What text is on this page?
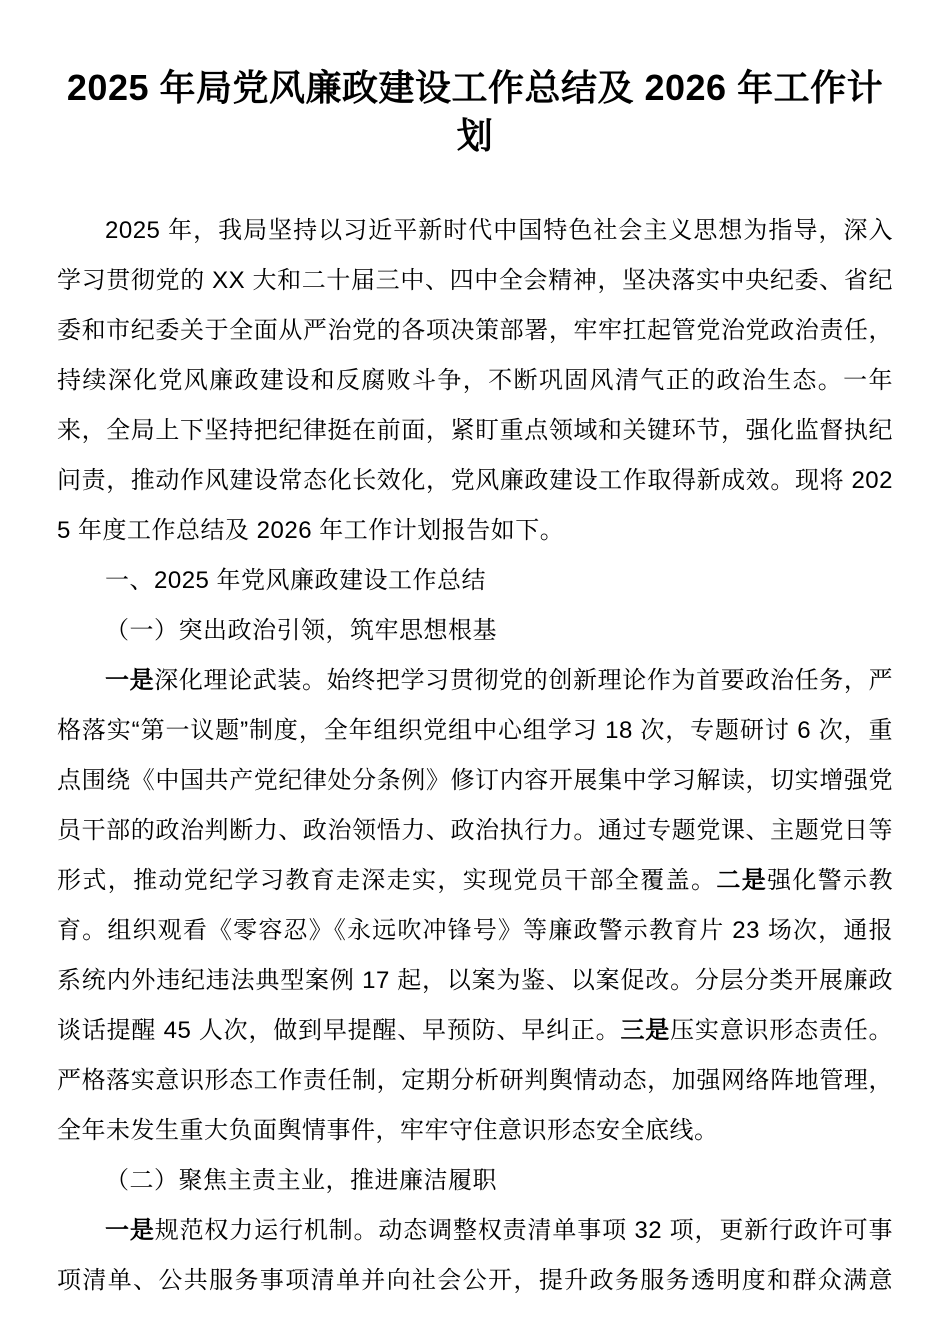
2025 年局党风廉政建设工作总结及 2026 年工作计划

2025 年，我局坚持以习近平新时代中国特色社会主义思想为指导，深入学习贯彻党的 XX 大和二十届三中、四中全会精神，坚决落实中央纪委、省纪委和市纪委关于全面从严治党的各项决策部署，牢牢扛起管党治党政治责任，持续深化党风廉政建设和反腐败斗争，不断巩固风清气正的政治生态。一年来，全局上下坚持把纪律挺在前面，紧盯重点领域和关键环节，强化监督执纪问责，推动作风建设常态化长效化，党风廉政建设工作取得新成效。现将 2025 年度工作总结及 2026 年工作计划报告如下。

一、2025 年党风廉政建设工作总结

（一）突出政治引领，筑牢思想根基

一是深化理论武装。始终把学习贯彻党的创新理论作为首要政治任务，严格落实“第一议题”制度，全年组织党组中心组学习 18 次，专题研讨 6 次，重点围绕《中国共产党纪律处分条例》修订内容开展集中学习解读，切实增强党员干部的政治判断力、政治领悟力、政治执行力。通过专题党课、主题党日等形式，推动党纪学习教育走深走实，实现党员干部全覆盖。二是强化警示教育。组织观看《零容忍》《永远吹冲锋号》等廉政警示教育片 23 场次，通报系统内外违纪违法典型案例 17 起，以案为鉴、以案促改。分层分类开展廉政谈话提醒 45 人次，做到早提醒、早预防、早纠正。三是压实意识形态责任。严格落实意识形态工作责任制，定期分析研判舆情动态，加强网络阵地管理，全年未发生重大负面舆情事件，牢牢守住意识形态安全底线。

（二）聚焦主责主业，推进廉洁履职

一是规范权力运行机制。动态调整权责清单事项 32 项，更新行政许可事项清单、公共服务事项清单并向社会公开，提升政务服务透明度和群众满意
